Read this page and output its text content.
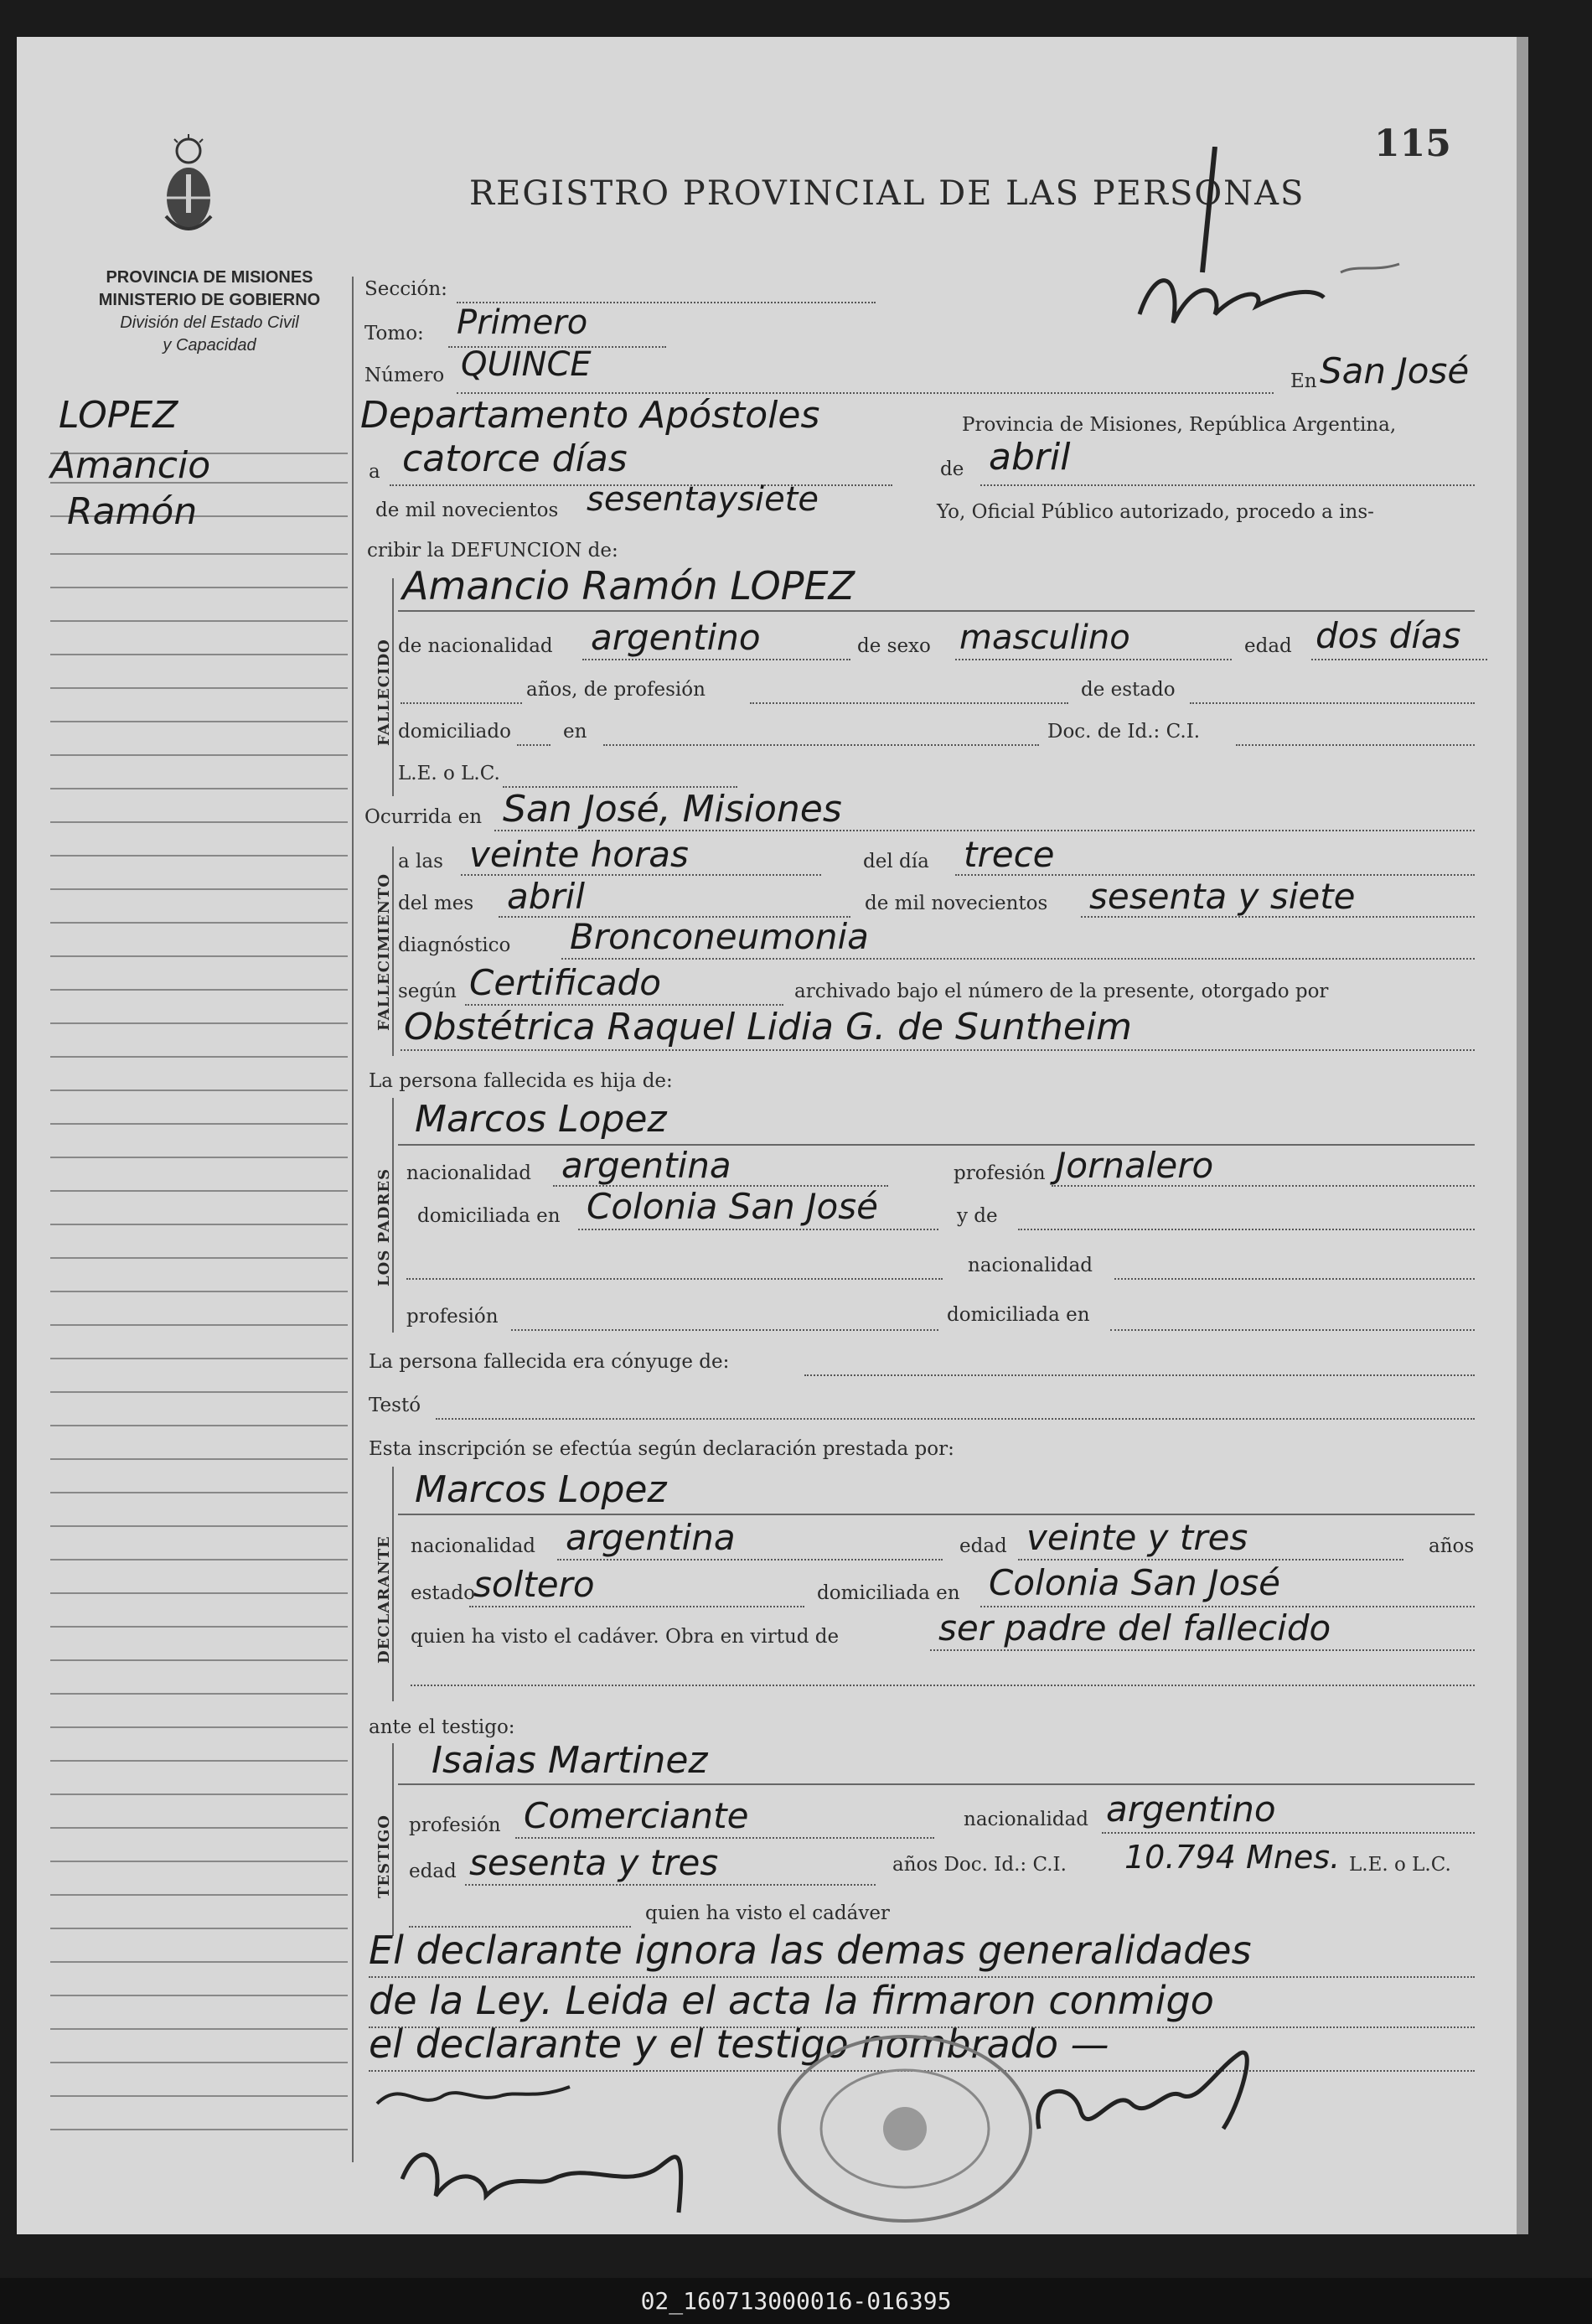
115
PROVINCIA DE MISIONES
MINISTERIO DE GOBIERNO
División del Estado Civil
y Capacidad
REGISTRO PROVINCIAL DE LAS PERSONAS
LOPEZ
Amancio
Ramón
Sección:
Tomo: Primero
Número QUINCE	En San José
Departamento Apóstoles	Provincia de Misiones, República Argentina,
a catorce días	de abril
de mil novecientos sesentaysiete	Yo, Oficial Público autorizado, procedo a ins-
cribir la DEFUNCION de:
FALLECIDO
Amancio Ramón LOPEZ
de nacionalidad argentino	de sexo masculino	edad dos días
años, de profesión	de estado
domiciliado	en	Doc. de Id.: C.I.
L.E. o L.C.
Ocurrida en San José, Misiones
FALLECIMIENTO
a las veinte horas	del día trece
del mes abril	de mil novecientos sesenta y siete
diagnóstico Bronconeumonia
según Certificado	archivado bajo el número de la presente, otorgado por
Obstétrica Raquel Lidia G. de Suntheim
La persona fallecida es hija de:
LOS PADRES
Marcos Lopez
nacionalidad argentina	profesión Jornalero
domiciliada en Colonia San José	y de
nacionalidad
profesión	domiciliada en
La persona fallecida era cónyuge de:
Testó
Esta inscripción se efectúa según declaración prestada por:
DECLARANTE
Marcos Lopez
nacionalidad argentina	edad veinte y tres	años
estado
soltero	domiciliada en Colonia San José
quien ha visto el cadáver. Obra en virtud de	ser padre del fallecido
ante el testigo:
TESTIGO
Isaias Martinez
profesión Comerciante	nacionalidad argentino
edad sesenta y tres	años Doc. Id.: C.I. 10.794 Mnes. L.E. o L.C.
quien ha visto el cadáver
El declarante ignora las demas generalidades
de la Ley. Leida el acta la firmaron conmigo
el declarante y el testigo nombrado —
02_160713000016-016395
